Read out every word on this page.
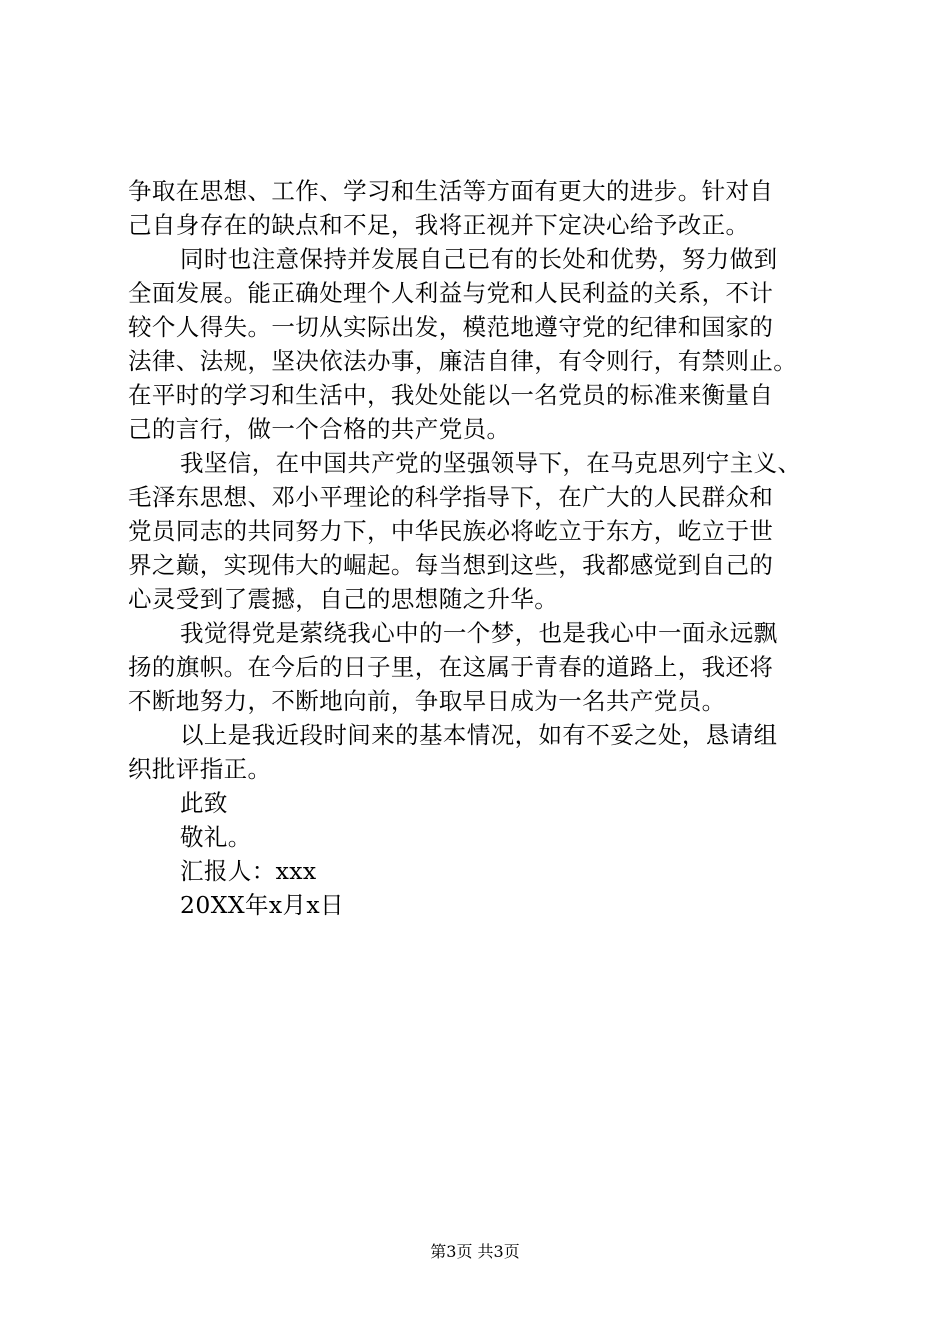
争取在思想、工作、学习和生活等方面有更大的进步。针对自
己自身存在的缺点和不足，我将正视并下定决心给予改正。
同时也注意保持并发展自己已有的长处和优势，努力做到
全面发展。能正确处理个人利益与党和人民利益的关系，不计
较个人得失。一切从实际出发，模范地遵守党的纪律和国家的
法律、法规，坚决依法办事，廉洁自律，有令则行，有禁则止。
在平时的学习和生活中，我处处能以一名党员的标准来衡量自
己的言行，做一个合格的共产党员。
我坚信，在中国共产党的坚强领导下，在马克思列宁主义、
毛泽东思想、邓小平理论的科学指导下，在广大的人民群众和
党员同志的共同努力下，中华民族必将屹立于东方，屹立于世
界之巅，实现伟大的崛起。每当想到这些，我都感觉到自己的
心灵受到了震撼，自己的思想随之升华。
我觉得党是萦绕我心中的一个梦，也是我心中一面永远飘
扬的旗帜。在今后的日子里，在这属于青春的道路上，我还将
不断地努力，不断地向前，争取早日成为一名共产党员。
以上是我近段时间来的基本情况，如有不妥之处，恳请组
织批评指正。
此致
敬礼。
汇报人：xxx
20XX年x月x日
第3页 共3页
